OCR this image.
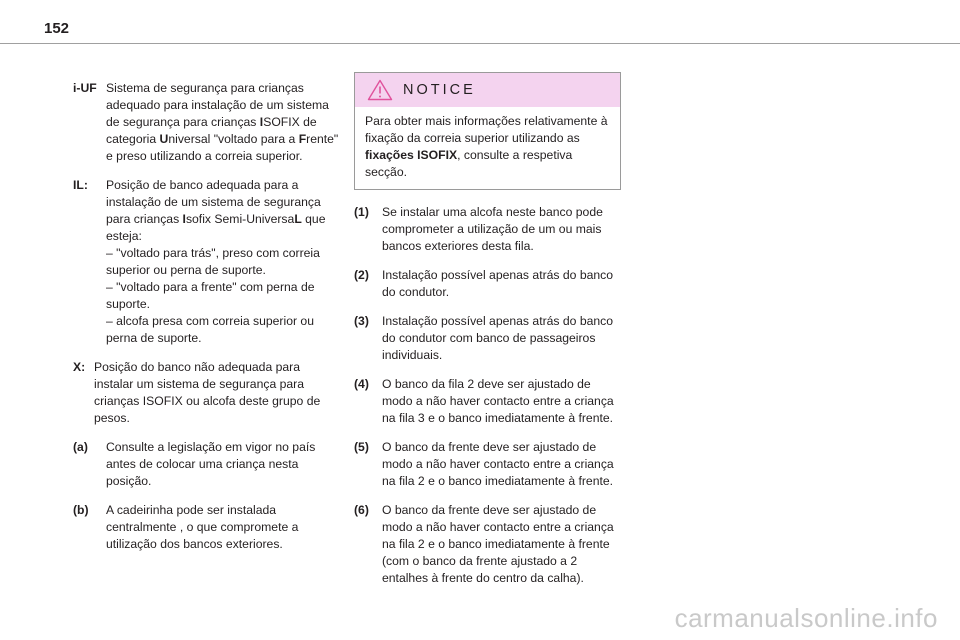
152
i-UF Sistema de segurança para crianças adequado para instalação de um sistema de segurança para crianças ISOFIX de categoria Universal "voltado para a Frente" e preso utilizando a correia superior.
IL:	Posição de banco adequada para a instalação de um sistema de segurança para crianças Isofix Semi-UniversaL que esteja:
– "voltado para trás", preso com correia superior ou perna de suporte.
– "voltado para a frente" com perna de suporte.
– alcofa presa com correia superior ou perna de suporte.
X: Posição do banco não adequada para instalar um sistema de segurança para crianças ISOFIX ou alcofa deste grupo de pesos.
(a)	Consulte a legislação em vigor no país antes de colocar uma criança nesta posição.
(b)	A cadeirinha pode ser instalada centralmente , o que compromete a utilização dos bancos exteriores.
NOTICE
Para obter mais informações relativamente à fixação da correia superior utilizando as fixações ISOFIX, consulte a respetiva secção.
(1)	Se instalar uma alcofa neste banco pode comprometer a utilização de um ou mais bancos exteriores desta fila.
(2)	Instalação possível apenas atrás do banco do condutor.
(3)	Instalação possível apenas atrás do banco do condutor com banco de passageiros individuais.
(4)	O banco da fila 2 deve ser ajustado de modo a não haver contacto entre a criança na fila 3 e o banco imediatamente à frente.
(5)	O banco da frente deve ser ajustado de modo a não haver contacto entre a criança na fila 2 e o banco imediatamente à frente.
(6)	O banco da frente deve ser ajustado de modo a não haver contacto entre a criança na fila 2 e o banco imediatamente à frente (com o banco da frente ajustado a 2 entalhes à frente do centro da calha).
carmanualsonline.info
